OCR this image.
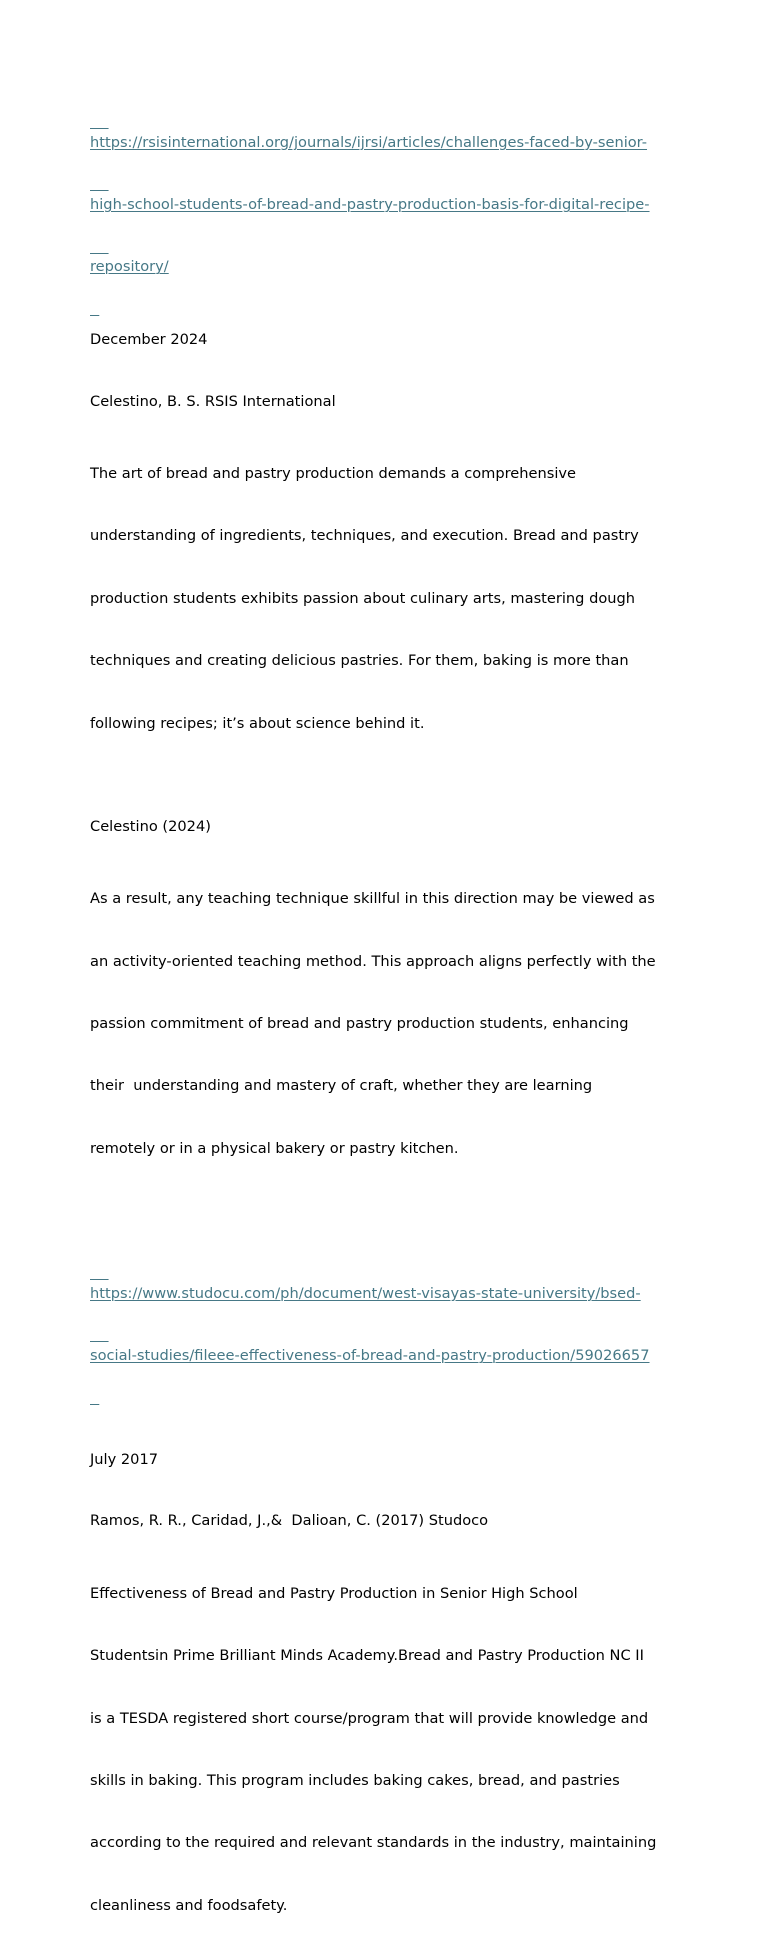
https://rsisinternational.org/journals/ijrsi/articles/challenges-faced-by-senior-

high-school-students-of-bread-and-pastry-production-basis-for-digital-recipe-

repository/

December 2024

Celestino, B. S. RSIS International

The art of bread and pastry production demands a comprehensive

understanding of ingredients, techniques, and execution. Bread and pastry

production students exhibits passion about culinary arts, mastering dough

techniques and creating delicious pastries. For them, baking is more than

following recipes; it’s about science behind it.

Celestino (2024)

As a result, any teaching technique skillful in this direction may be viewed as

an activity-oriented teaching method. This approach aligns perfectly with the

passion commitment of bread and pastry production students, enhancing

their  understanding and mastery of craft, whether they are learning

remotely or in a physical bakery or pastry kitchen.

https://www.studocu.com/ph/document/west-visayas-state-university/bsed-

social-studies/fileee-effectiveness-of-bread-and-pastry-production/59026657

July 2017

Ramos, R. R., Caridad, J.,&  Dalioan, C. (2017) Studoco

Effectiveness of Bread and Pastry Production in Senior High School

Studentsin Prime Brilliant Minds Academy.Bread and Pastry Production NC II

is a TESDA registered short course/program that will provide knowledge and

skills in baking. This program includes baking cakes, bread, and pastries

according to the required and relevant standards in the industry, maintaining

cleanliness and foodsafety.
